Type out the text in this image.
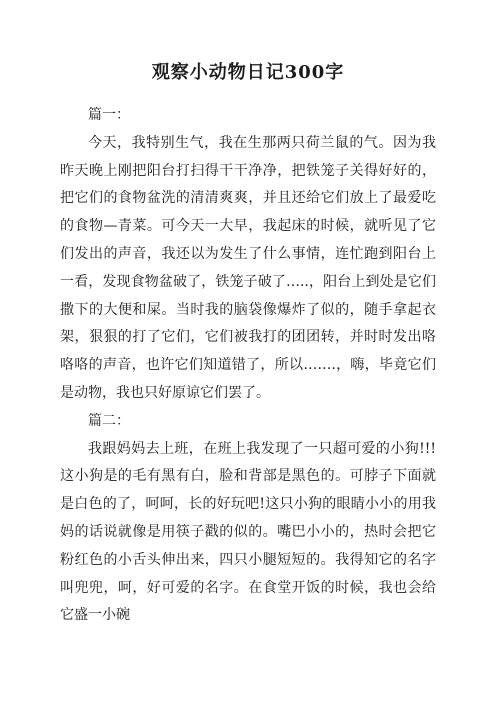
观察小动物日记300字

篇一：

今天，我特别生气，我在生那两只荷兰鼠的气。因为我昨天晚上刚把阳台打扫得干干净净，把铁笼子关得好好的，把它们的食物盆洗的清清爽爽，并且还给它们放上了最爱吃的食物—青菜。可今天一大早，我起床的时候，就听见了它们发出的声音，我还以为发生了什么事情，连忙跑到阳台上一看，发现食物盆破了，铁笼子破了…..，阳台上到处是它们撒下的大便和屎。当时我的脑袋像爆炸了似的，随手拿起衣架，狠狠的打了它们，它们被我打的团团转，并时时发出咯咯咯的声音，也许它们知道错了，所以…….，嗨，毕竟它们是动物，我也只好原谅它们罢了。

篇二：

我跟妈妈去上班，在班上我发现了一只超可爱的小狗!!!这小狗是的毛有黑有白，脸和背部是黑色的。可脖子下面就是白色的了，呵呵，长的好玩吧!这只小狗的眼睛小小的用我妈的话说就像是用筷子戳的似的。嘴巴小小的，热时会把它粉红色的小舌头伸出来，四只小腿短短的。我得知它的名字叫兜兜，呵，好可爱的名字。在食堂开饭的时候，我也会给它盛一小碗
